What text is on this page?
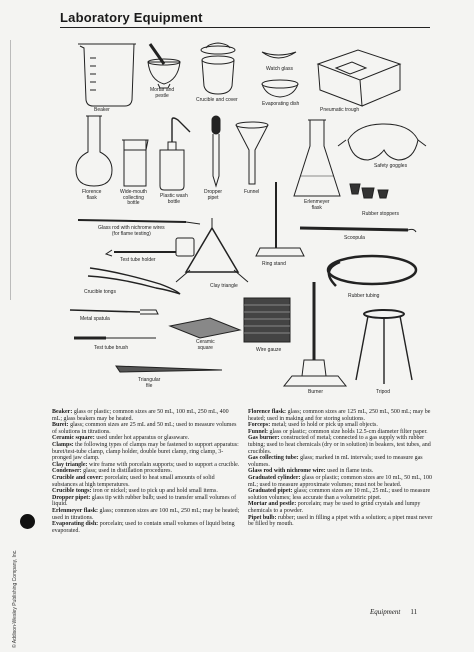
Laboratory Equipment
Beaker
Mortar and
pestle
Crucible and cover
Watch glass
Evaporating dish
Pneumatic trough
Florence
flask
Wide-mouth
collecting
bottle
Plastic wash
bottle
Dropper
pipet
Funnel
Erlenmeyer
flask
Safety goggles
Rubber stoppers
Glass rod with nichrome wires
(for flame testing)
Scoopula
Test tube holder
Ring stand
Clay triangle
Crucible tongs
Rubber tubing
Metal spatula
Ceramic
square	Wire gauze
Test tube brush
Triangular
file
Burner	Tripod

Beaker: glass or plastic; common sizes are 50 mL, 100 mL, 250 mL, 400 mL; glass beakers may be heated.

Buret: glass; common sizes are 25 mL and 50 mL; used to measure volumes of solutions in titrations.

Ceramic square: used under hot apparatus or glassware.

Clamps: the following types of clamps may be fastened to support apparatus: buret/test-tube clamp, clamp holder, double buret clamp, ring clamp, 3-pronged jaw clamp.

Clay triangle: wire frame with porcelain supports; used to support a crucible.

Condenser: glass; used in distillation procedures.

Crucible and cover: porcelain; used to heat small amounts of solid substances at high temperatures.

Crucible tongs: iron or nickel; used to pick up and hold small items.

Dropper pipet: glass tip with rubber bulb; used to transfer small volumes of liquid.

Erlenmeyer flask: glass; common sizes are 100 mL, 250 mL; may be heated; used in titrations.

Evaporating dish: porcelain; used to contain small volumes of liquid being evaporated.

Florence flask: glass; common sizes are 125 mL, 250 mL, 500 mL; may be heated; used in making and for storing solutions.

Forceps: metal; used to hold or pick up small objects.

Funnel: glass or plastic; common size holds 12.5-cm diameter filter paper.

Gas burner: constructed of metal; connected to a gas supply with rubber tubing; used to heat chemicals (dry or in solution) in beakers, test tubes, and crucibles.

Gas collecting tube: glass; marked in mL intervals; used to measure gas volumes.

Glass rod with nichrome wire: used in flame tests.

Graduated cylinder: glass or plastic; common sizes are 10 mL, 50 mL, 100 mL; used to measure approximate volumes; must not be heated.

Graduated pipet: glass; common sizes are 10 mL, 25 mL; used to measure solution volumes; less accurate than a volumetric pipet.

Mortar and pestle: porcelain; may be used to grind crystals and lumpy chemicals to a powder.

Pipet bulb: rubber; used in filling a pipet with a solution; a pipet must never be filled by mouth.

© Addison-Wesley Publishing Company, Inc.	Equipment 11
